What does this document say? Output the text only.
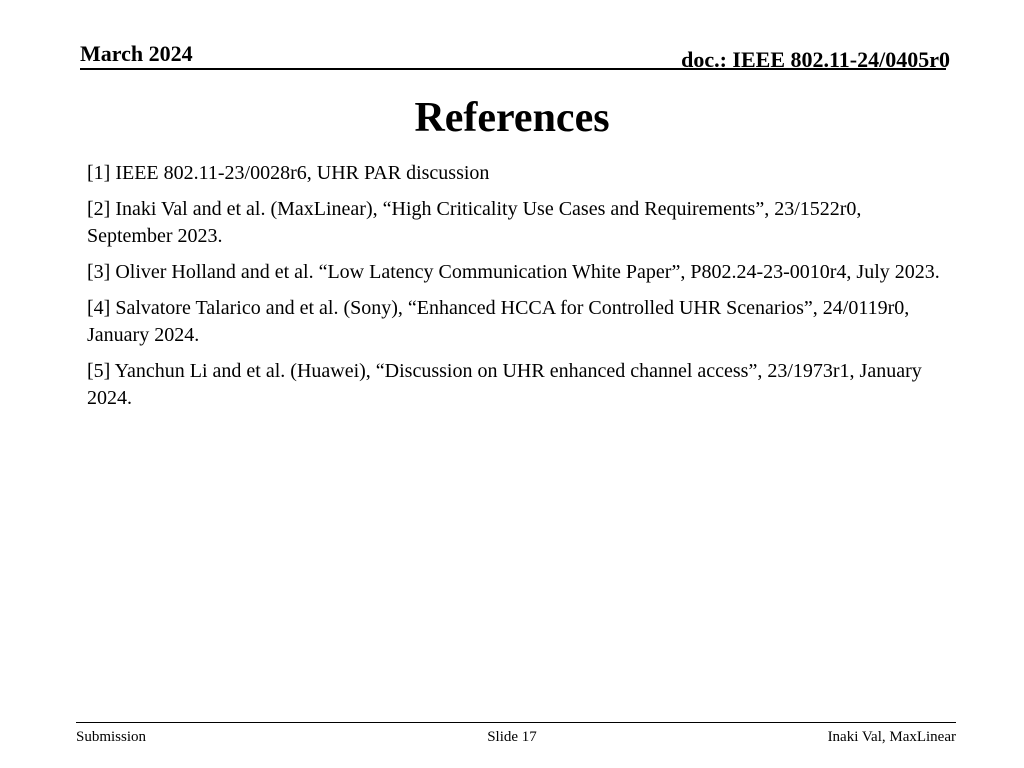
March 2024	doc.: IEEE 802.11-24/0405r0
References
[1] IEEE 802.11-23/0028r6, UHR PAR discussion
[2] Inaki Val and et al. (MaxLinear), “High Criticality Use Cases and Requirements”, 23/1522r0, September 2023.
[3] Oliver Holland and et al. “Low Latency Communication White Paper”, P802.24-23-0010r4, July 2023.
[4] Salvatore Talarico and et al. (Sony), “Enhanced HCCA for Controlled UHR Scenarios”, 24/0119r0, January 2024.
[5] Yanchun Li and et al. (Huawei), “Discussion on UHR enhanced channel access”, 23/1973r1, January 2024.
Submission	Slide 17	Inaki Val, MaxLinear
